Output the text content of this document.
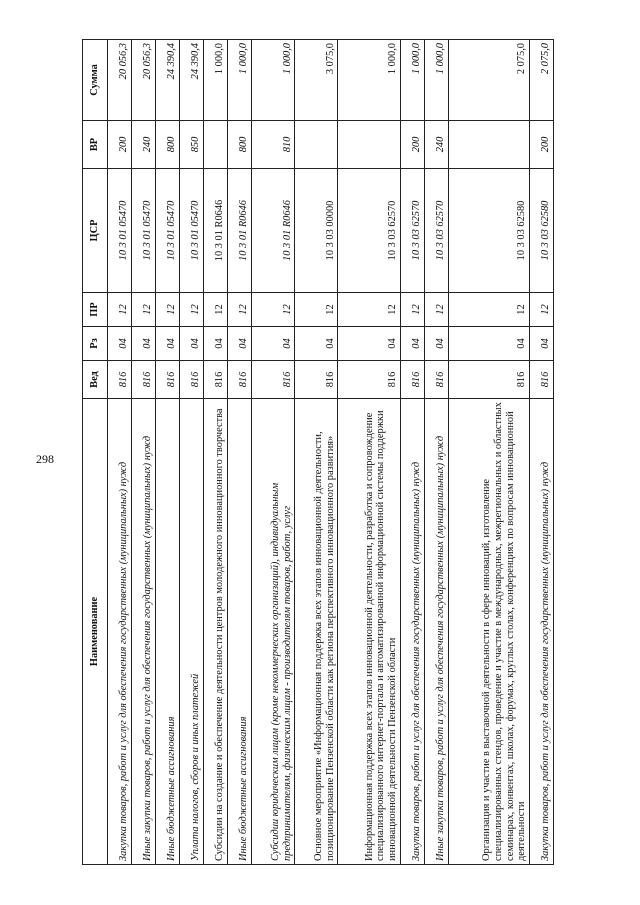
298
Наименование	Вед	Рз	ПР	ЦСР	ВР	Сумма
Закупка товаров, работ и услуг для обеспечения государственных (муниципальных) нужд	816	04	12	10 3 01 05470	200	20 056,3
Иные закупки товаров, работ и услуг для обеспечения государственных (муниципальных) нужд	816	04	12	10 3 01 05470	240	20 056,3
Иные бюджетные ассигнования	816	04	12	10 3 01 05470	800	24 390,4
Уплата налогов, сборов и иных платежей	816	04	12	10 3 01 05470	850	24 390,4
Субсидии на создание и обеспечение деятельности центров молодежного инновационного творчества	816	04	12	10 3 01 R0646		1 000,0
Иные бюджетные ассигнования	816	04	12	10 3 01 R0646	800	1 000,0
Субсидии юридическим лицам (кроме некоммерческих организаций), индивидуальным предпринимателям, физическим лицам - производителям товаров, работ, услуг	816	04	12	10 3 01 R0646	810	1 000,0
Основное мероприятие «Информационная поддержка всех этапов инновационной деятельности, позиционирование Пензенской области как региона перспективного инновационного развития»	816	04	12	10 3 03 00000		3 075,0
Информационная поддержка всех этапов инновационной деятельности, разработка и сопровождение специализированного интернет-портала и автоматизированной информационной системы поддержки инновационной деятельности Пензенской области	816	04	12	10 3 03 62570		1 000,0
Закупка товаров, работ и услуг для обеспечения государственных (муниципальных) нужд	816	04	12	10 3 03 62570	200	1 000,0
Иные закупки товаров, работ и услуг для обеспечения государственных (муниципальных) нужд	816	04	12	10 3 03 62570	240	1 000,0
Организация и участие в выставочной деятельности в сфере инноваций, изготовление специализированных стендов, проведение и участие в международных, межрегиональных и областных семинарах, конвентах, школах, форумах, круглых столах, конференциях по вопросам инновационной деятельности	816	04	12	10 3 03 62580		2 075,0
Закупка товаров, работ и услуг для обеспечения государственных (муниципальных) нужд	816	04	12	10 3 03 62580	200	2 075,0
